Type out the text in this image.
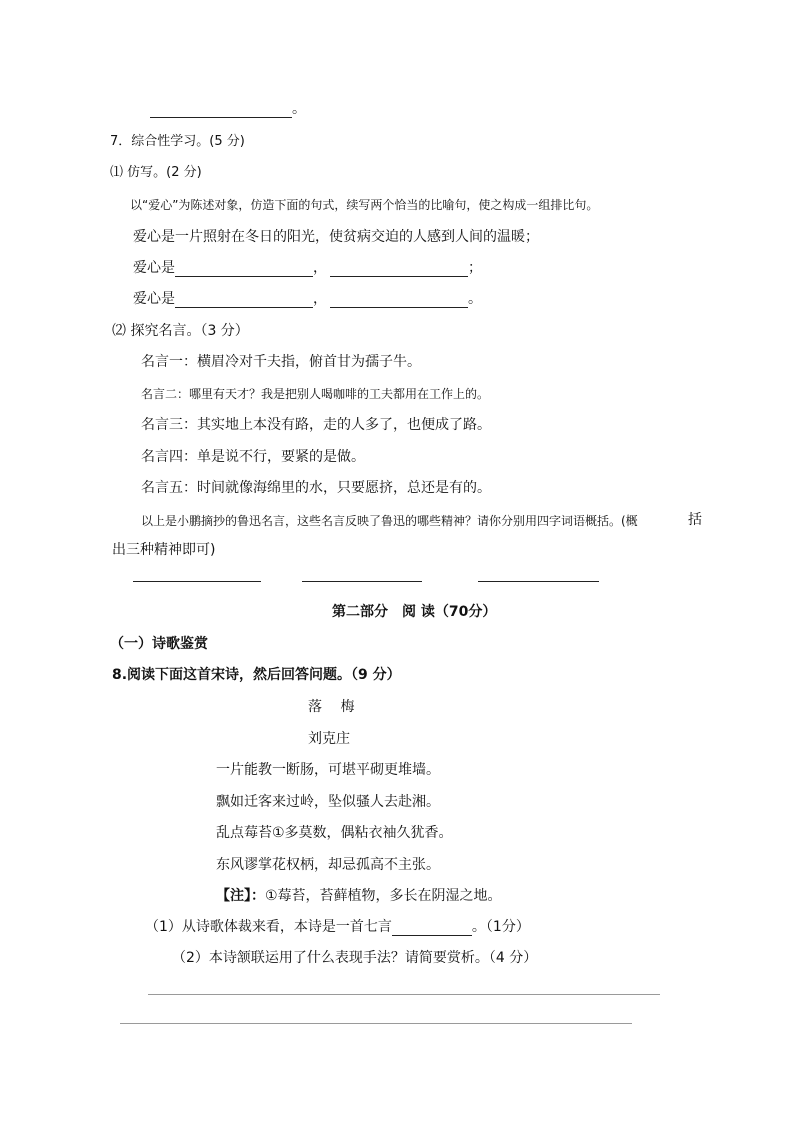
。
7．综合性学习。(5 分)
⑴ 仿写。(2 分)
以“爱心”为陈述对象，仿造下面的句式，续写两个恰当的比喻句，使之构成一组排比句。
爱心是一片照射在冬日的阳光，使贫病交迫的人感到人间的温暖；
爱心是	，	；
爱心是	，	。
⑵ 探究名言。（3 分）
名言一：横眉冷对千夫指，俯首甘为孺子牛。
名言二：哪里有天才？我是把别人喝咖啡的工夫都用在工作上的。
名言三：其实地上本没有路，走的人多了，也便成了路。
名言四：单是说不行，要紧的是做。
名言五：时间就像海绵里的水，只要愿挤，总还是有的。
以上是小鹏摘抄的鲁迅名言，这些名言反映了鲁迅的哪些精神？请你分别用四字词语概括。(概	括
出三种精神即可)
第二部分　阅 读（70分）
（一）诗歌鉴赏
8.阅读下面这首宋诗，然后回答问题。（9 分）
落　 梅
刘克庄
一片能教一断肠，可堪平砌更堆墙。
飘如迁客来过岭，坠似骚人去赴湘。
乱点莓苔①多莫数，偶粘衣袖久犹香。
东风谬掌花权柄，却忌孤高不主张。
【注】：①莓苔，苔藓植物，多长在阴湿之地。
（1）从诗歌体裁来看，本诗是一首七言	。（1分）
（2）本诗颔联运用了什么表现手法？请简要赏析。（4 分）
